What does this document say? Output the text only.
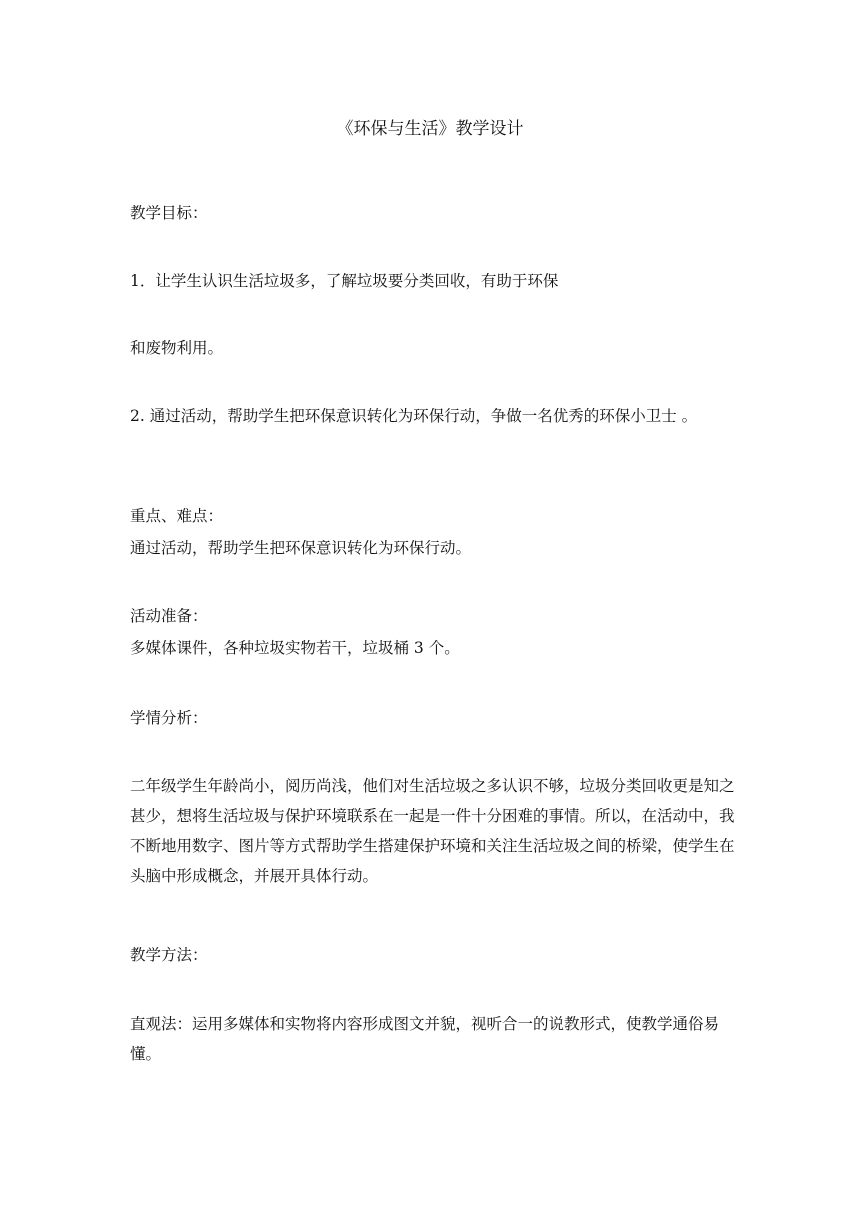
《环保与生活》教学设计
教学目标：
1．让学生认识生活垃圾多，了解垃圾要分类回收，有助于环保
和废物利用。
2. 通过活动，帮助学生把环保意识转化为环保行动，争做一名优秀的环保小卫士 。
重点、难点：
通过活动，帮助学生把环保意识转化为环保行动。
活动准备：
多媒体课件，各种垃圾实物若干，垃圾桶 3 个。
学情分析：
二年级学生年龄尚小，阅历尚浅，他们对生活垃圾之多认识不够，垃圾分类回收更是知之甚少，想将生活垃圾与保护环境联系在一起是一件十分困难的事情。所以，在活动中，我不断地用数字、图片等方式帮助学生搭建保护环境和关注生活垃圾之间的桥梁，使学生在头脑中形成概念，并展开具体行动。
教学方法：
直观法：运用多媒体和实物将内容形成图文并貌，视听合一的说教形式，使教学通俗易懂。
